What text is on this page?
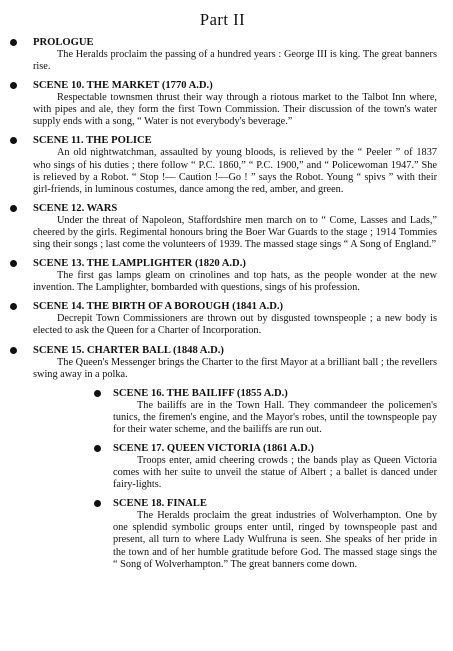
Part II
PROLOGUE
The Heralds proclaim the passing of a hundred years : George III is king. The great banners rise.
SCENE 10. THE MARKET (1770 A.D.)
Respectable townsmen thrust their way through a riotous market to the Talbot Inn where, with pipes and ale, they form the first Town Commission. Their discussion of the town's water supply ends with a song, “ Water is not everybody's beverage.”
SCENE 11. THE POLICE
An old nightwatchman, assaulted by young bloods, is relieved by the “ Peeler ” of 1837 who sings of his duties ; there follow “ P.C. 1860,” “ P.C. 1900,” and “ Policewoman 1947.” She is relieved by a Robot. “ Stop !— Caution !—Go ! ” says the Robot. Young “ spivs ” with their girl-friends, in luminous costumes, dance among the red, amber, and green.
SCENE 12. WARS
Under the threat of Napoleon, Staffordshire men march on to “ Come, Lasses and Lads,” cheered by the girls. Regimental honours bring the Boer War Guards to the stage ; 1914 Tommies sing their songs ; last come the volunteers of 1939. The massed stage sings “ A Song of England.”
SCENE 13. THE LAMPLIGHTER (1820 A.D.)
The first gas lamps gleam on crinolines and top hats, as the people wonder at the new invention. The Lamplighter, bombarded with questions, sings of his profession.
SCENE 14. THE BIRTH OF A BOROUGH (1841 A.D.)
Decrepit Town Commissioners are thrown out by disgusted townspeople ; a new body is elected to ask the Queen for a Charter of Incorporation.
SCENE 15. CHARTER BALL (1848 A.D.)
The Queen's Messenger brings the Charter to the first Mayor at a brilliant ball ; the revellers swing away in a polka.
SCENE 16. THE BAILIFF (1855 A.D.)
The bailiffs are in the Town Hall. They commandeer the policemen's tunics, the firemen's engine, and the Mayor's robes, until the townspeople pay for their water scheme, and the bailiffs are run out.
SCENE 17. QUEEN VICTORIA (1861 A.D.)
Troops enter, amid cheering crowds ; the bands play as Queen Victoria comes with her suite to unveil the statue of Albert ; a ballet is danced under fairy-lights.
SCENE 18. FINALE
The Heralds proclaim the great industries of Wolverhampton. One by one splendid symbolic groups enter until, ringed by townspeople past and present, all turn to where Lady Wulfruna is seen. She speaks of her pride in the town and of her humble gratitude before God. The massed stage sings the “ Song of Wolverhampton.” The great banners come down.
